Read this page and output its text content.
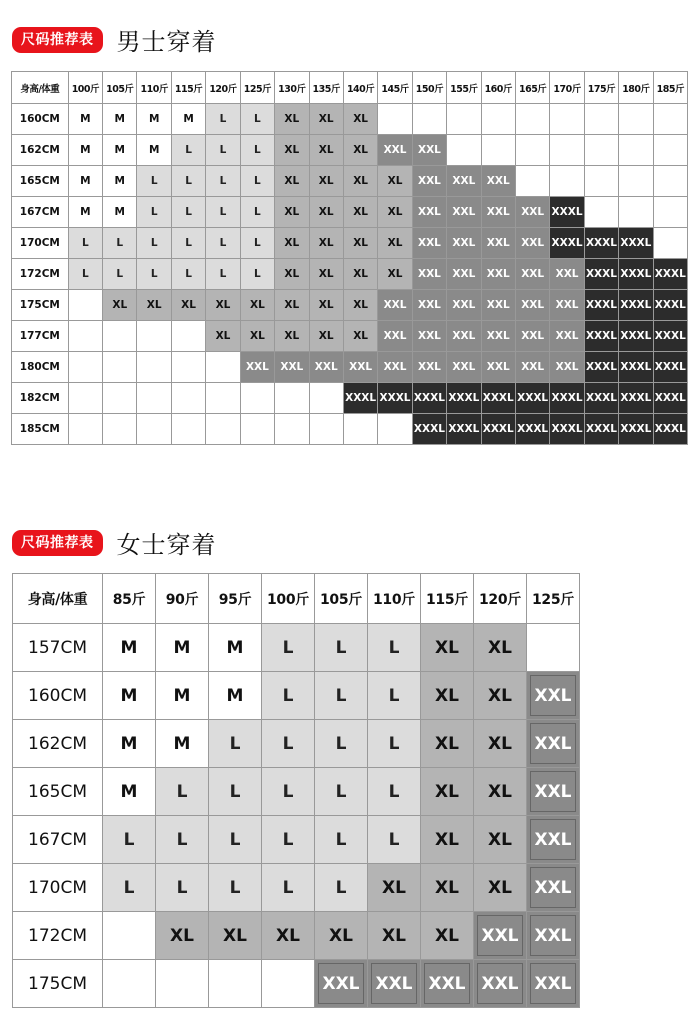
尺码推荐表 男士穿着
身高/体重	100斤	105斤	110斤	115斤	120斤	125斤	130斤	135斤	140斤	145斤	150斤	155斤	160斤	165斤	170斤	175斤	180斤	185斤
160CM	M	M	M	M	L	L	XL	XL	XL									
162CM	M	M	M	L	L	L	XL	XL	XL	XXL	XXL							
165CM	M	M	L	L	L	L	XL	XL	XL	XL	XXL	XXL	XXL					
167CM	M	M	L	L	L	L	XL	XL	XL	XL	XXL	XXL	XXL	XXL	XXXL			
170CM	L	L	L	L	L	L	XL	XL	XL	XL	XXL	XXL	XXL	XXL	XXXL	XXXL	XXXL	
172CM	L	L	L	L	L	L	XL	XL	XL	XL	XXL	XXL	XXL	XXL	XXL	XXXL	XXXL	XXXL
175CM		XL	XL	XL	XL	XL	XL	XL	XL	XXL	XXL	XXL	XXL	XXL	XXL	XXXL	XXXL	XXXL
177CM					XL	XL	XL	XL	XL	XXL	XXL	XXL	XXL	XXL	XXL	XXXL	XXXL	XXXL
180CM						XXL	XXL	XXL	XXL	XXL	XXL	XXL	XXL	XXL	XXL	XXXL	XXXL	XXXL
182CM									XXXL	XXXL	XXXL	XXXL	XXXL	XXXL	XXXL	XXXL	XXXL	XXXL
185CM											XXXL	XXXL	XXXL	XXXL	XXXL	XXXL	XXXL	XXXL
尺码推荐表 女士穿着
身高/体重	85斤	90斤	95斤	100斤	105斤	110斤	115斤	120斤	125斤
157CM	M	M	M	L	L	L	XL	XL	
160CM	M	M	M	L	L	L	XL	XL	XXL
162CM	M	M	L	L	L	L	XL	XL	XXL
165CM	M	L	L	L	L	L	XL	XL	XXL
167CM	L	L	L	L	L	L	XL	XL	XXL
170CM	L	L	L	L	L	XL	XL	XL	XXL
172CM		XL	XL	XL	XL	XL	XL	XXL	XXL
175CM					XXL	XXL	XXL	XXL	XXL
